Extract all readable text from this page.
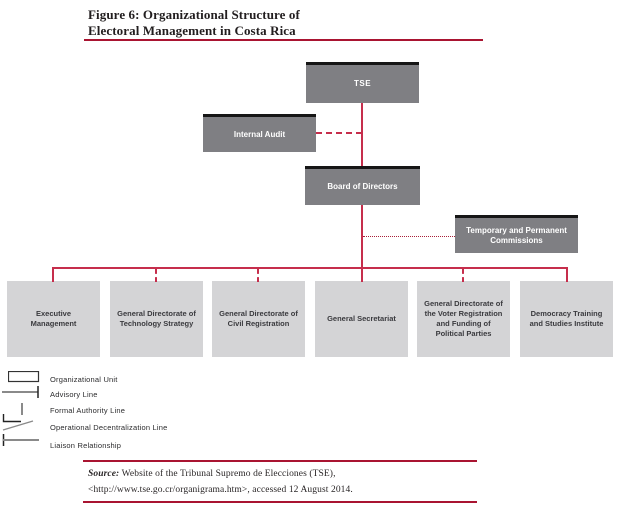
Figure 6: Organizational Structure of
Electoral Management in Costa Rica
TSE
Internal Audit
Board of Directors
Temporary and Permanent Commissions
Executive Management
General Directorate of Technology Strategy
General Directorate of Civil Registration
General Secretariat
General Directorate of the Voter Registration and Funding of Political Parties
Democracy Training and Studies Institute
Organizational Unit
Advisory Line
Formal Authority Line
Operational Decentralization Line
Liaison Relationship
Source: Website of the Tribunal Supremo de Elecciones (TSE),
<http://www.tse.go.cr/organigrama.htm>, accessed 12 August 2014.
